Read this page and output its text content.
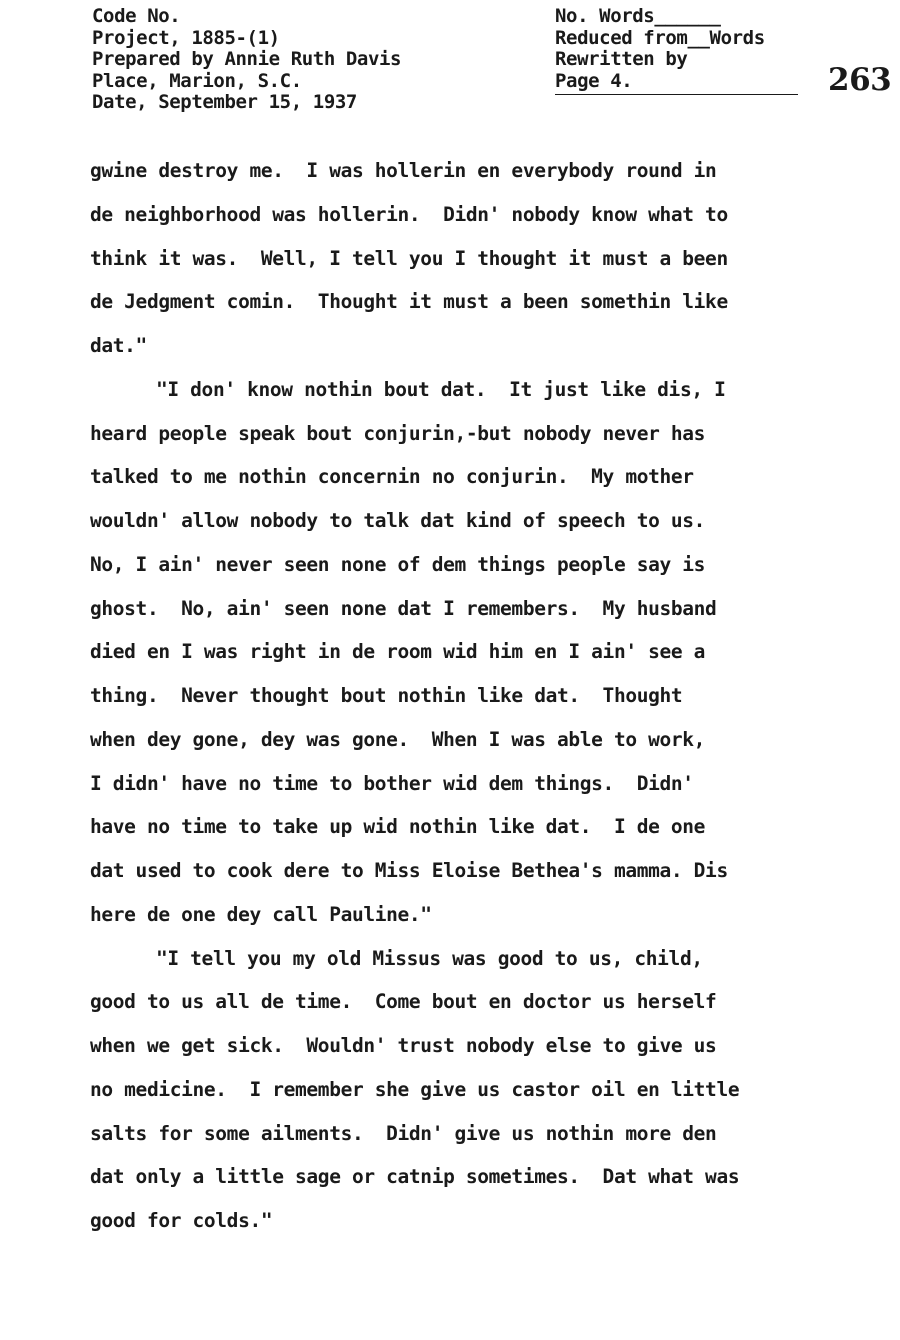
Code No.
Project, 1885-(1)
Prepared by Annie Ruth Davis
Place, Marion, S.C.
Date, September 15, 1937
No. Words______
Reduced from__Words
Rewritten by
Page 4.	263
gwine destroy me.  I was hollerin en everybody round in
de neighborhood was hollerin.  Didn' nobody know what to
think it was.  Well, I tell you I thought it must a been
de Jedgment comin.  Thought it must a been somethin like
dat."
"I don' know nothin bout dat.  It just like dis, I
heard people speak bout conjurin,-but nobody never has
talked to me nothin concernin no conjurin.  My mother
wouldn' allow nobody to talk dat kind of speech to us.
No, I ain' never seen none of dem things people say is
ghost.  No, ain' seen none dat I remembers.  My husband
died en I was right in de room wid him en I ain' see a
thing.  Never thought bout nothin like dat.  Thought
when dey gone, dey was gone.  When I was able to work,
I didn' have no time to bother wid dem things.  Didn'
have no time to take up wid nothin like dat.  I de one
dat used to cook dere to Miss Eloise Bethea's mamma. Dis
here de one dey call Pauline."
"I tell you my old Missus was good to us, child,
good to us all de time.  Come bout en doctor us herself
when we get sick.  Wouldn' trust nobody else to give us
no medicine.  I remember she give us castor oil en little
salts for some ailments.  Didn' give us nothin more den
dat only a little sage or catnip sometimes.  Dat what was
good for colds."
